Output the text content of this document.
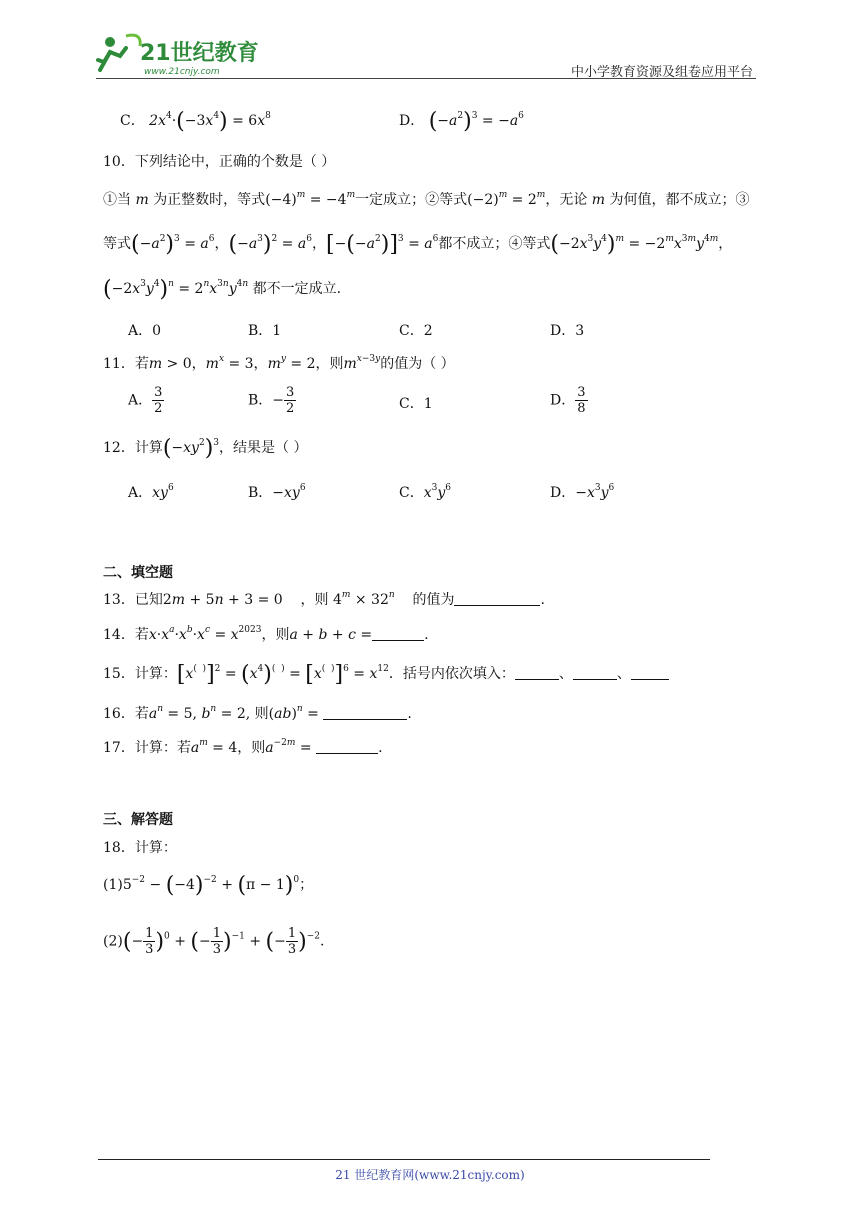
21世纪教育
www.21cnjy.com	中小学教育资源及组卷应用平台
C． $2x^4\cdot(-3x^4) = 6x^8$	D． $(-a^2)^3 = -a^6$
10．下列结论中，正确的个数是（ ）
①当 m 为正整数时，等式$(-4)^m = -4^m$一定成立；②等式$(-2)^m = 2^m$，无论 m 为何值，都不成立；③
等式$(-a^2)^3 = a^6$，$(-a^3)^2 = a^6$，$[-(-a^2)]^3 = a^6$都不成立；④等式$(-2x^3y^4)^m = -2^mx^{3m}y^{4m}$，
$(-2x^3y^4)^n = 2^nx^{3n}y^{4n}$ 都不一定成立.
A．0	B．1	C．2	D．3
11．若m > 0，$m^x = 3$，$m^y = 2$，则$m^{x-3y}$的值为（ ）
A． $\frac{3}{2}$	B．− $\frac{3}{2}$	C．1	D． $\frac{3}{8}$
12．计算$(-xy^2)^3$，结果是（ ）
A．$xy^6$	B．$-xy^6$	C．$x^3y^6$	D．$-x^3y^6$
二、填空题
13．已知2m + 5n + 3 = 0    ，则 $4^m \times 32^n$ 的值为	.
14．若$x\cdot x^a\cdot x^b\cdot x^c = x^{2023}$，则a + b + c =	.
15．计算：$[x^{( )}]^2 = (x^4)^{( )} = [x^{( )}]^6 = x^{12}$．括号内依次填入：	、	、
16．若$a^n = 5$, $b^n = 2$, 则(ab)$^n$ =	.
17．计算：若$a^m = 4$，则$a^{-2m}$ =	.
三、解答题
18．计算：
$(1)5^{-2} - (-4)^{-2} + (\pi - 1)^0$；
$(2)(- \frac{1}{3} )^0$ + (− $\frac{1}{3} )^{-1}$ + (− $\frac{1}{3} )^{-2}$.
21 世纪教育网(www.21cnjy.com)
